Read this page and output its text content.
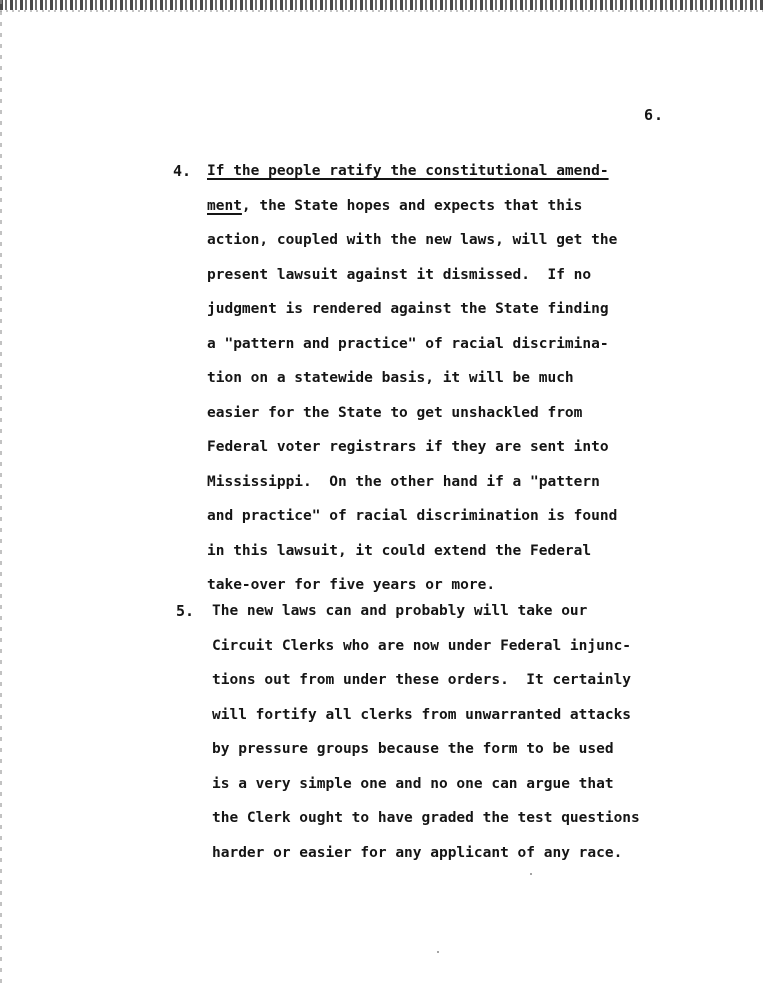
6.
4. If the people ratify the constitutional amend-
ment, the State hopes and expects that this
action, coupled with the new laws, will get the
present lawsuit against it dismissed.  If no
judgment is rendered against the State finding
a "pattern and practice" of racial discrimina-
tion on a statewide basis, it will be much
easier for the State to get unshackled from
Federal voter registrars if they are sent into
Mississippi.  On the other hand if a "pattern
and practice" of racial discrimination is found
in this lawsuit, it could extend the Federal
take-over for five years or more.
5. The new laws can and probably will take our
Circuit Clerks who are now under Federal injunc-
tions out from under these orders.  It certainly
will fortify all clerks from unwarranted attacks
by pressure groups because the form to be used
is a very simple one and no one can argue that
the Clerk ought to have graded the test questions
harder or easier for any applicant of any race.
